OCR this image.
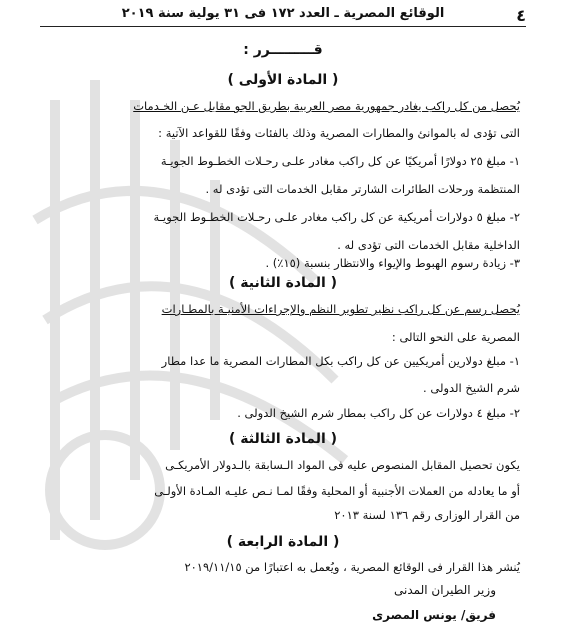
٤
الوقائع المصرية ـ العدد ١٧٢ فى ٣١ يولية سنة ٢٠١٩
قـــــــــرر :
( المادة الأولى )
يُحصل من كل راكب يغادر جمهورية مصر العربية بطريق الجو مقابل عـن الخـدمات
التى تؤدى له بالموانئ والمطارات المصرية وذلك بالفئات وفقًا للقواعد الآتية :
١- مبلغ ٢٥ دولارًا أمريكيًا عن كل راكب مغادر علـى رحـلات الخطـوط الجويـة
المنتظمة ورحلات الطائرات الشارتر مقابل الخدمات التى تؤدى له .
٢- مبلغ ٥ دولارات أمريكية عن كل راكب مغادر علـى رحـلات الخطـوط الجويـة
الداخلية مقابل الخدمات التى تؤدى له .
٣- زيادة رسوم الهبوط والإيواء والانتظار بنسبة (١٥٪) .
( المادة الثانية )
يُحصل رسم عن كل راكب نظير تطوير النظم والإجراءات الأمنيـة بالمطـارات
المصرية على النحو التالى :
١- مبلغ دولارين أمريكيين عن كل راكب بكل المطارات المصرية ما عدا مطار
شرم الشيخ الدولى .
٢- مبلغ ٤ دولارات عن كل راكب بمطار شرم الشيخ الدولى .
( المادة الثالثة )
يكون تحصيل المقابل المنصوص عليه فى المواد الـسابقة بالـدولار الأمريكـى
أو ما يعادله من العملات الأجنبية أو المحلية وفقًا لمـا نـص عليـه المـادة الأولـى
من القرار الوزارى رقم ١٣٦ لسنة ٢٠١٣
( المادة الرابعة )
يُنشر هذا القرار فى الوقائع المصرية ، ويُعمل به اعتبارًا من ٢٠١٩/١١/١٥
وزير الطيران المدنى
فريق/ يونس المصرى
